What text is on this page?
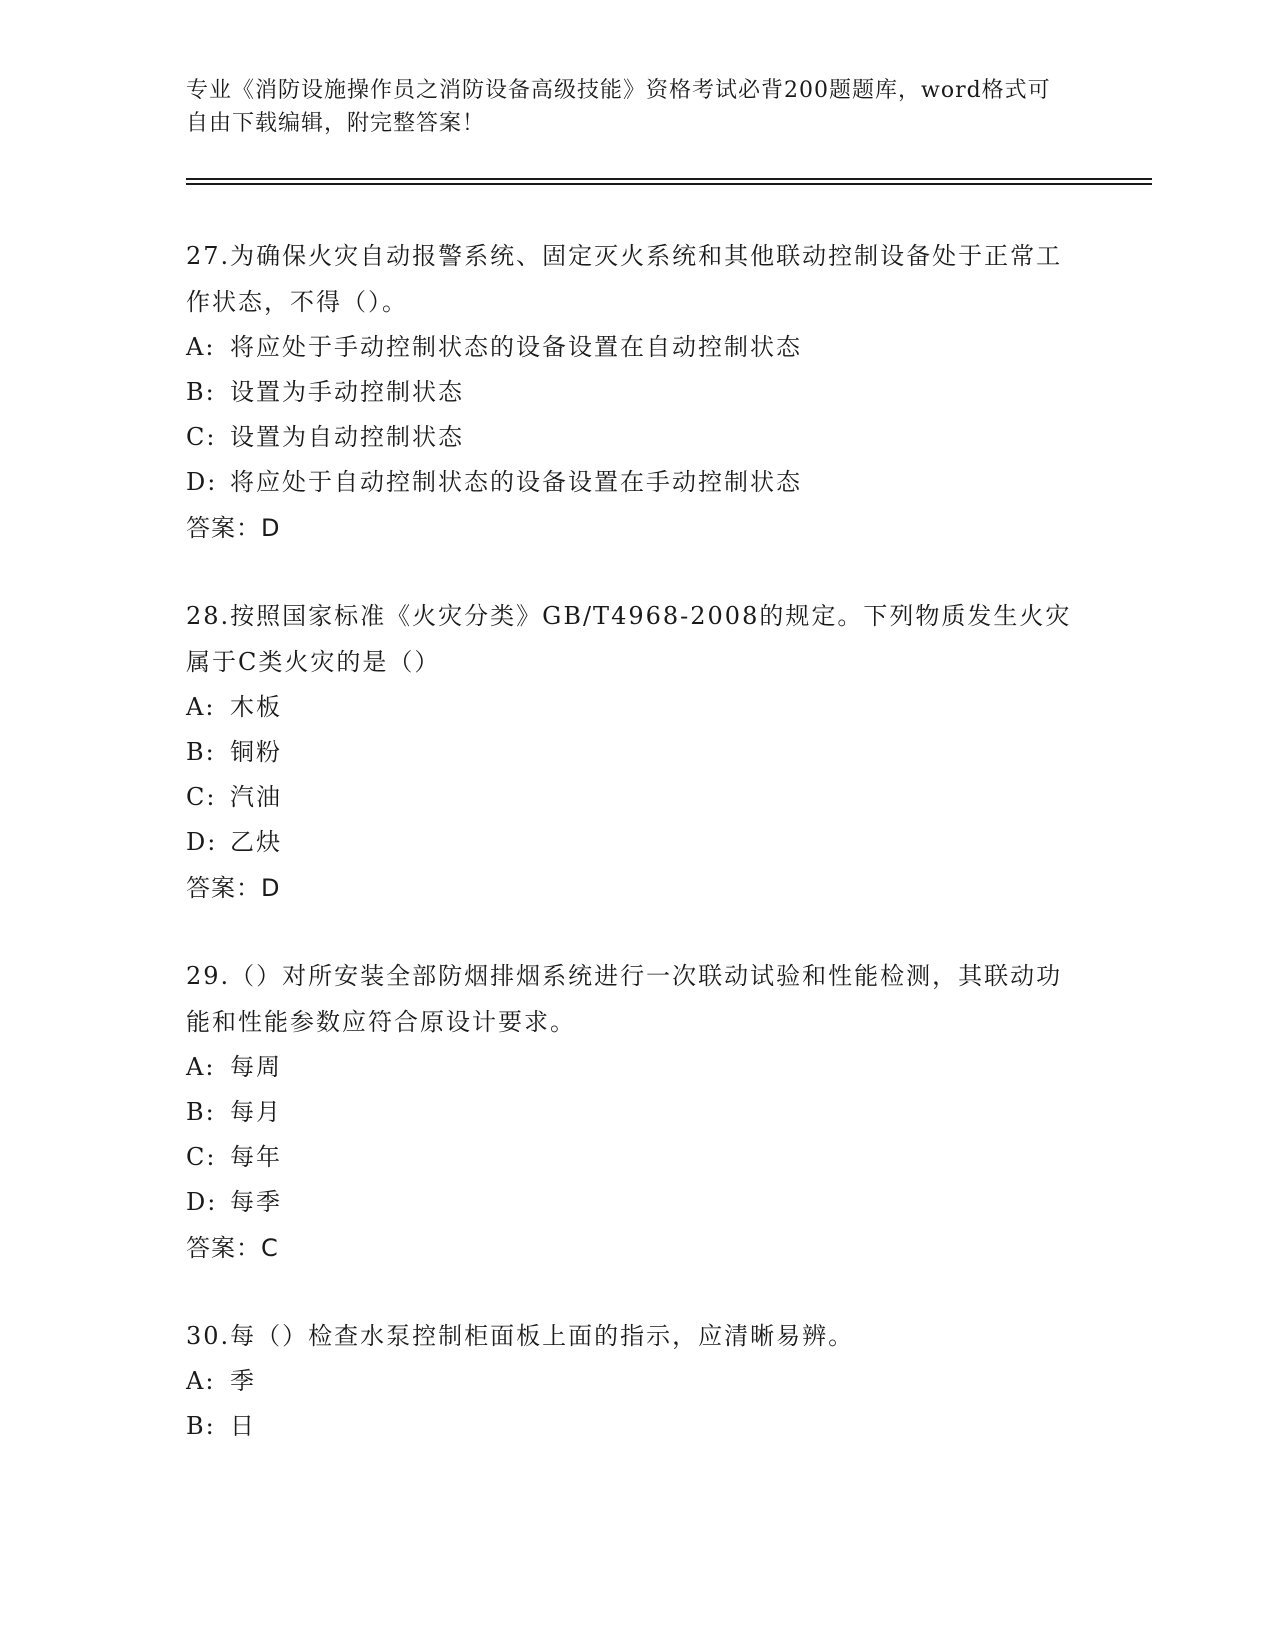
专业《消防设施操作员之消防设备高级技能》资格考试必背200题题库，word格式可自由下载编辑，附完整答案！

27.为确保火灾自动报警系统、固定灭火系统和其他联动控制设备处于正常工作状态，不得（）。

A: 将应处于手动控制状态的设备设置在自动控制状态
B: 设置为手动控制状态
C: 设置为自动控制状态
D: 将应处于自动控制状态的设备设置在手动控制状态
答案：D

28.按照国家标准《火灾分类》GB/T4968-2008的规定。下列物质发生火灾属于C类火灾的是（）

A: 木板
B: 铜粉
C: 汽油
D: 乙炔
答案：D

29.（）对所安装全部防烟排烟系统进行一次联动试验和性能检测，其联动功能和性能参数应符合原设计要求。

A: 每周
B: 每月
C: 每年
D: 每季
答案：C

30.每（）检查水泵控制柜面板上面的指示，应清晰易辨。

A: 季
B: 日
